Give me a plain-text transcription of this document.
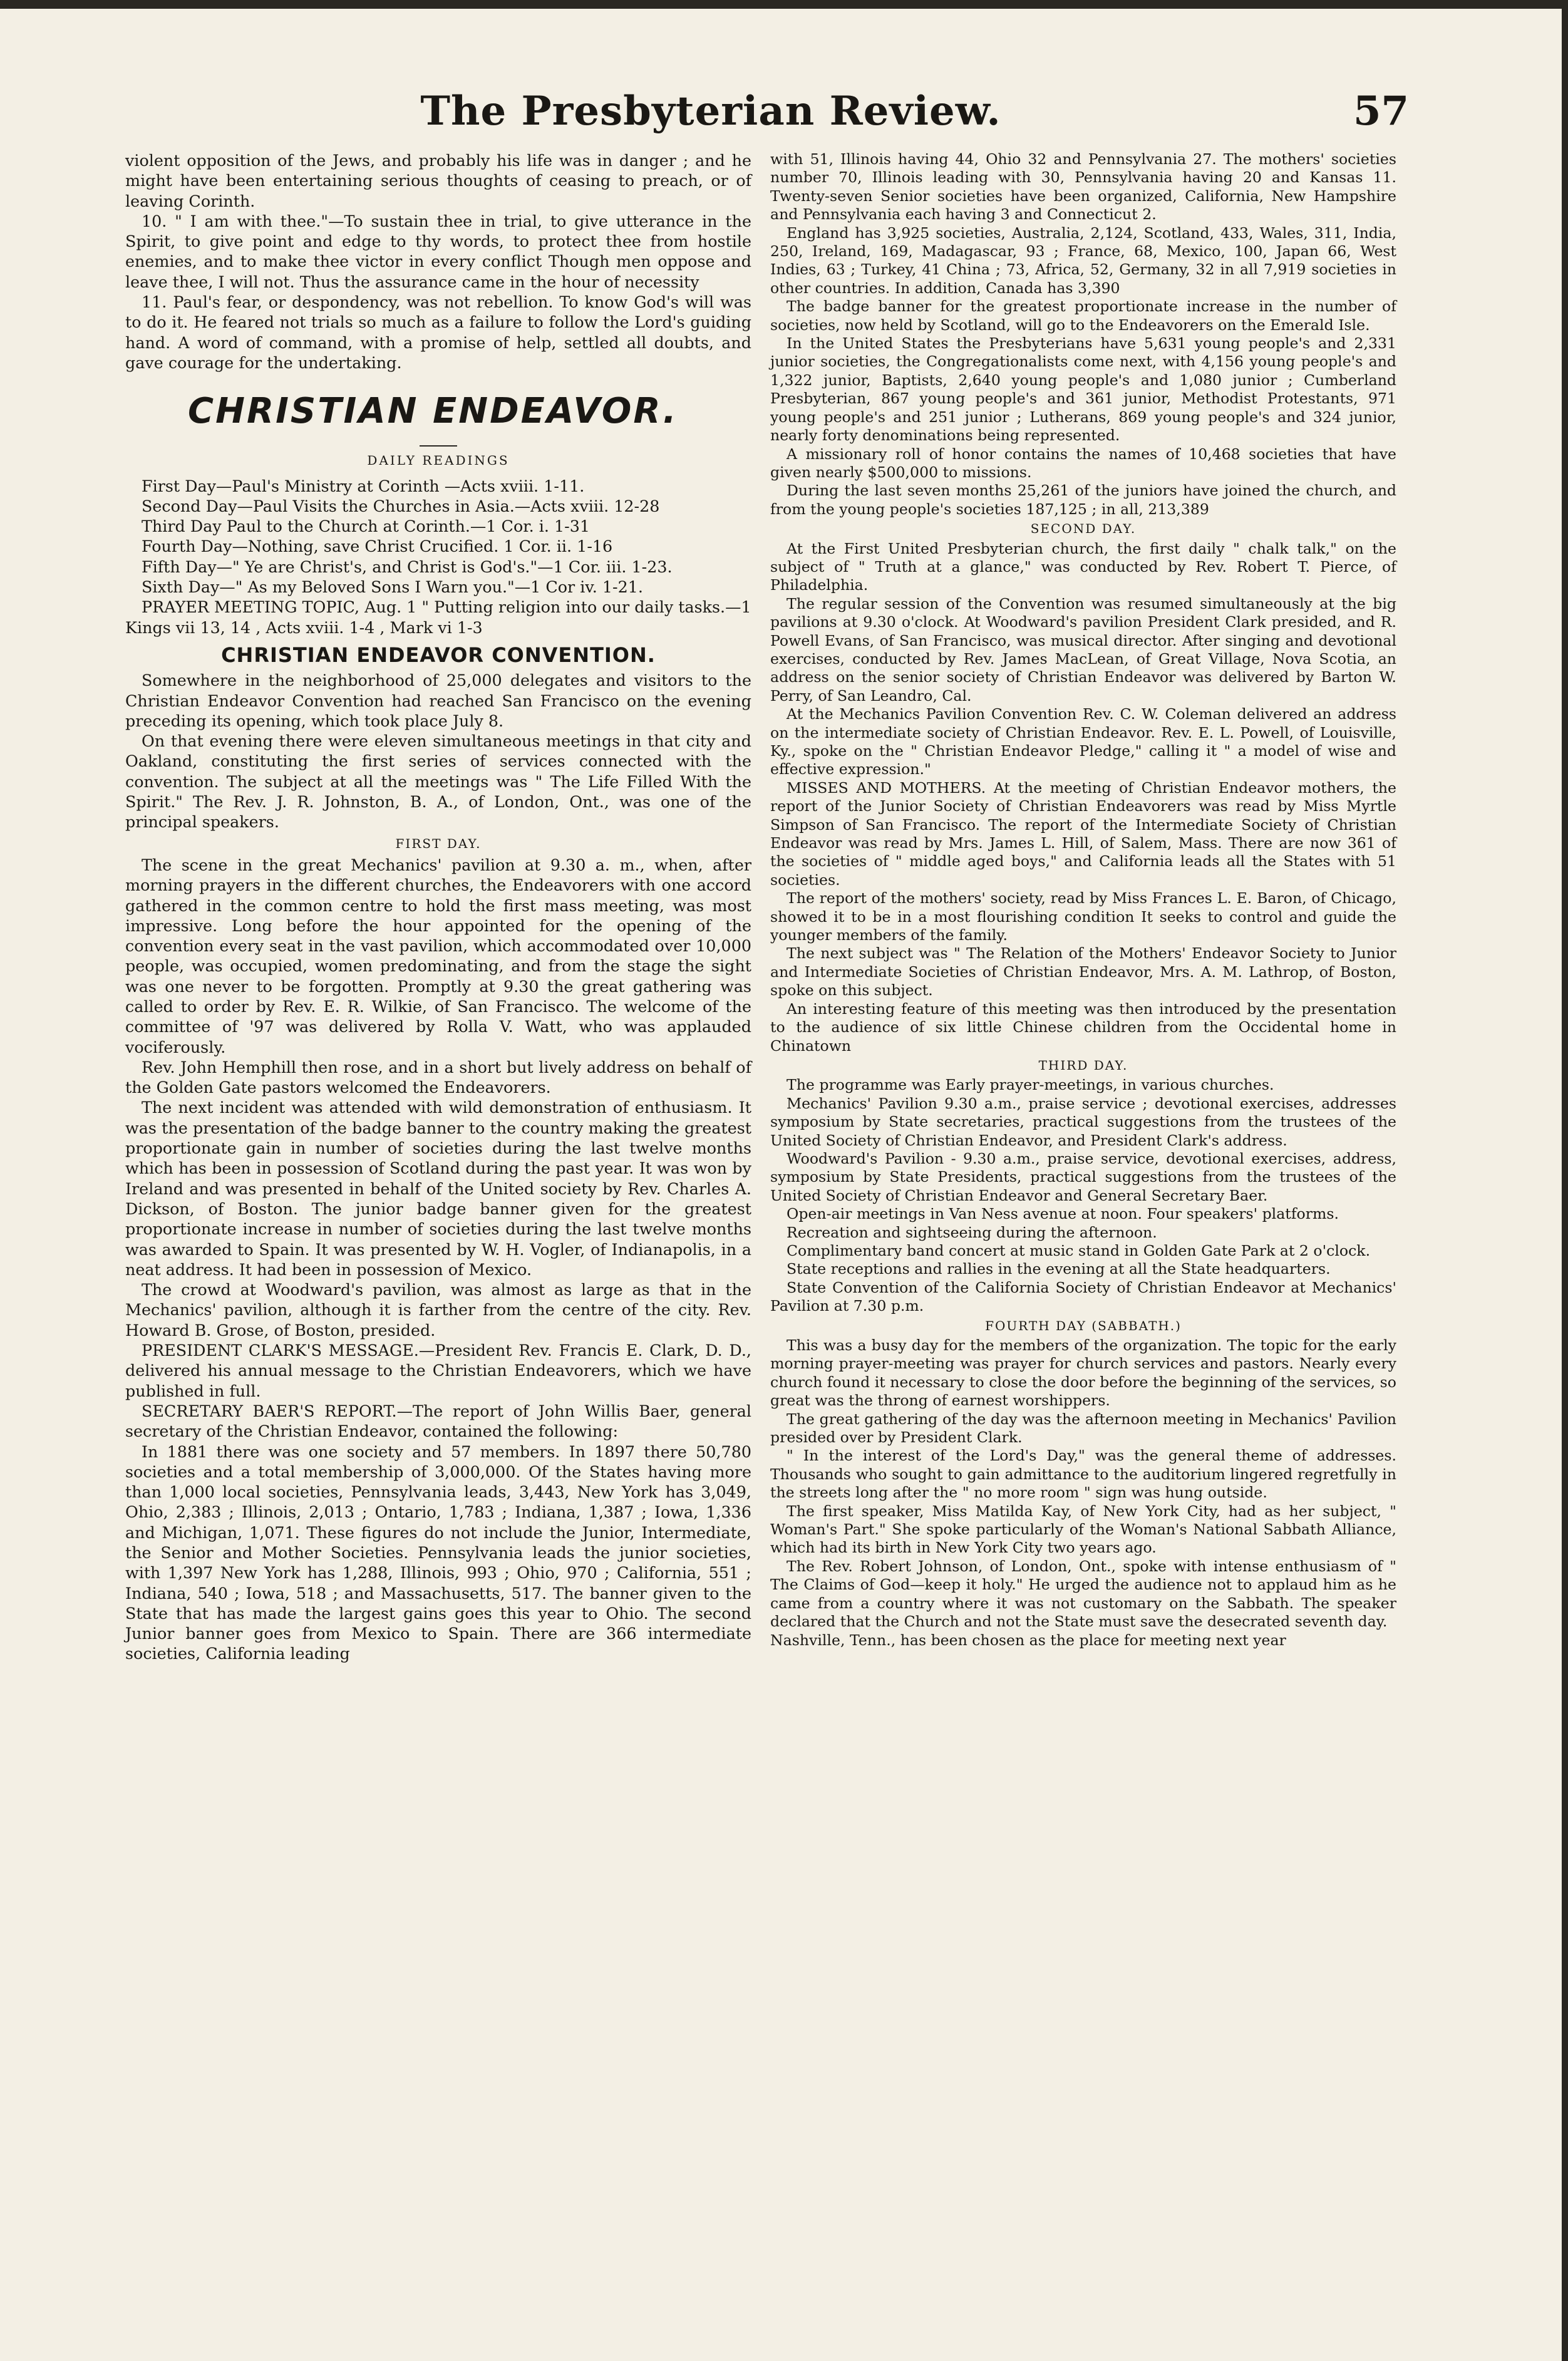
The Presbyterian Review.	57

violent opposition of the Jews, and probably his life was in danger ; and he might have been entertaining serious thoughts of ceasing to preach, or of leaving Corinth.

10. " I am with thee."—To sustain thee in trial, to give utterance in the Spirit, to give point and edge to thy words, to protect thee from hostile enemies, and to make thee victor in every conflict Though men oppose and leave thee, I will not. Thus the assurance came in the hour of necessity

11. Paul's fear, or despondency, was not rebellion. To know God's will was to do it. He feared not trials so much as a failure to follow the Lord's guiding hand. A word of command, with a promise of help, settled all doubts, and gave courage for the undertaking.

CHRISTIAN ENDEAVOR.
DAILY READINGS

First Day—Paul's Ministry at Corinth —Acts xviii. 1-11.

Second Day—Paul Visits the Churches in Asia.—Acts xviii. 12-28

Third Day Paul to the Church at Corinth.—1 Cor. i. 1-31

Fourth Day—Nothing, save Christ Crucified. 1 Cor. ii. 1-16

Fifth Day—" Ye are Christ's, and Christ is God's."—1 Cor. iii. 1-23.

Sixth Day—" As my Beloved Sons I Warn you."—1 Cor iv. 1-21.

PRAYER MEETING TOPIC, Aug. 1 " Putting religion into our daily tasks.—1 Kings vii 13, 14 , Acts xviii. 1-4 , Mark vi 1-3

CHRISTIAN ENDEAVOR CONVENTION.

Somewhere in the neighborhood of 25,000 delegates and visitors to the Christian Endeavor Convention had reached San Francisco on the evening preceding its opening, which took place July 8.

On that evening there were eleven simultaneous meetings in that city and Oakland, constituting the first series of services connected with the convention. The subject at all the meetings was " The Life Filled With the Spirit." The Rev. J. R. Johnston, B. A., of London, Ont., was one of the principal speakers.

FIRST DAY.

The scene in the great Mechanics' pavilion at 9.30 a. m., when, after morning prayers in the different churches, the Endeavorers with one accord gathered in the common centre to hold the first mass meeting, was most impressive. Long before the hour appointed for the opening of the convention every seat in the vast pavilion, which accommodated over 10,000 people, was occupied, women predominating, and from the stage the sight was one never to be forgotten. Promptly at 9.30 the great gathering was called to order by Rev. E. R. Wilkie, of San Francisco. The welcome of the committee of '97 was delivered by Rolla V. Watt, who was applauded vociferously.

Rev. John Hemphill then rose, and in a short but lively address on behalf of the Golden Gate pastors welcomed the Endeavorers.

The next incident was attended with wild demonstration of enthusiasm. It was the presentation of the badge banner to the country making the greatest proportionate gain in number of societies during the last twelve months which has been in possession of Scotland during the past year. It was won by Ireland and was presented in behalf of the United society by Rev. Charles A. Dickson, of Boston. The junior badge banner given for the greatest proportionate increase in number of societies during the last twelve months was awarded to Spain. It was presented by W. H. Vogler, of Indianapolis, in a neat address. It had been in possession of Mexico.

The crowd at Woodward's pavilion, was almost as large as that in the Mechanics' pavilion, although it is farther from the centre of the city. Rev. Howard B. Grose, of Boston, presided.

PRESIDENT CLARK'S MESSAGE.—President Rev. Francis E. Clark, D. D., delivered his annual message to the Christian Endeavorers, which we have published in full.

SECRETARY BAER'S REPORT.—The report of John Willis Baer, general secretary of the Christian Endeavor, contained the following:

In 1881 there was one society and 57 members. In 1897 there 50,780 societies and a total membership of 3,000,000. Of the States having more than 1,000 local societies, Pennsylvania leads, 3,443, New York has 3,049, Ohio, 2,383 ; Illinois, 2,013 ; Ontario, 1,783 ; Indiana, 1,387 ; Iowa, 1,336 and Michigan, 1,071. These figures do not include the Junior, Intermediate, the Senior and Mother Societies. Pennsylvania leads the junior societies, with 1,397 New York has 1,288, Illinois, 993 ; Ohio, 970 ; California, 551 ; Indiana, 540 ; Iowa, 518 ; and Massachusetts, 517. The banner given to the State that has made the largest gains goes this year to Ohio. The second Junior banner goes from Mexico to Spain. There are 366 intermediate societies, California leading

with 51, Illinois having 44, Ohio 32 and Pennsylvania 27. The mothers' societies number 70, Illinois leading with 30, Pennsylvania having 20 and Kansas 11. Twenty-seven Senior societies have been organized, California, New Hampshire and Pennsylvania each having 3 and Connecticut 2.

England has 3,925 societies, Australia, 2,124, Scotland, 433, Wales, 311, India, 250, Ireland, 169, Madagascar, 93 ; France, 68, Mexico, 100, Japan 66, West Indies, 63 ; Turkey, 41 China ; 73, Africa, 52, Germany, 32 in all 7,919 societies in other countries. In addition, Canada has 3,390

The badge banner for the greatest proportionate increase in the number of societies, now held by Scotland, will go to the Endeavorers on the Emerald Isle.

In the United States the Presbyterians have 5,631 young people's and 2,331 junior societies, the Congregationalists come next, with 4,156 young people's and 1,322 junior, Baptists, 2,640 young people's and 1,080 junior ; Cumberland Presbyterian, 867 young people's and 361 junior, Methodist Protestants, 971 young people's and 251 junior ; Lutherans, 869 young people's and 324 junior, nearly forty denominations being represented.

A missionary roll of honor contains the names of 10,468 societies that have given nearly $500,000 to missions.

During the last seven months 25,261 of the juniors have joined the church, and from the young people's societies 187,125 ; in all, 213,389

SECOND DAY.

At the First United Presbyterian church, the first daily " chalk talk," on the subject of " Truth at a glance," was conducted by Rev. Robert T. Pierce, of Philadelphia.

The regular session of the Convention was resumed simultaneously at the big pavilions at 9.30 o'clock. At Woodward's pavilion President Clark presided, and R. Powell Evans, of San Francisco, was musical director. After singing and devotional exercises, conducted by Rev. James MacLean, of Great Village, Nova Scotia, an address on the senior society of Christian Endeavor was delivered by Barton W. Perry, of San Leandro, Cal.

At the Mechanics Pavilion Convention Rev. C. W. Coleman delivered an address on the intermediate society of Christian Endeavor. Rev. E. L. Powell, of Louisville, Ky., spoke on the " Christian Endeavor Pledge," calling it " a model of wise and effective expression."

MISSES AND MOTHERS. At the meeting of Christian Endeavor mothers, the report of the Junior Society of Christian Endeavorers was read by Miss Myrtle Simpson of San Francisco. The report of the Intermediate Society of Christian Endeavor was read by Mrs. James L. Hill, of Salem, Mass. There are now 361 of the societies of " middle aged boys," and California leads all the States with 51 societies.

The report of the mothers' society, read by Miss Frances L. E. Baron, of Chicago, showed it to be in a most flourishing condition It seeks to control and guide the younger members of the family.

The next subject was " The Relation of the Mothers' Endeavor Society to Junior and Intermediate Societies of Christian Endeavor, Mrs. A. M. Lathrop, of Boston, spoke on this subject.

An interesting feature of this meeting was then introduced by the presentation to the audience of six little Chinese children from the Occidental home in Chinatown

THIRD DAY.

The programme was Early prayer-meetings, in various churches.

Mechanics' Pavilion 9.30 a.m., praise service ; devotional exercises, addresses symposium by State secretaries, practical suggestions from the trustees of the United Society of Christian Endeavor, and President Clark's address.

Woodward's Pavilion - 9.30 a.m., praise service, devotional exercises, address, symposium by State Presidents, practical suggestions from the trustees of the United Society of Christian Endeavor and General Secretary Baer.

Open-air meetings in Van Ness avenue at noon. Four speakers' platforms.

Recreation and sightseeing during the afternoon.

Complimentary band concert at music stand in Golden Gate Park at 2 o'clock.

State receptions and rallies in the evening at all the State headquarters.

State Convention of the California Society of Christian Endeavor at Mechanics' Pavilion at 7.30 p.m.

FOURTH DAY (SABBATH.)

This was a busy day for the members of the organization. The topic for the early morning prayer-meeting was prayer for church services and pastors. Nearly every church found it necessary to close the door before the beginning of the services, so great was the throng of earnest worshippers.

The great gathering of the day was the afternoon meeting in Mechanics' Pavilion presided over by President Clark.

" In the interest of the Lord's Day," was the general theme of addresses. Thousands who sought to gain admittance to the auditorium lingered regretfully in the streets long after the " no more room " sign was hung outside.

The first speaker, Miss Matilda Kay, of New York City, had as her subject, " Woman's Part." She spoke particularly of the Woman's National Sabbath Alliance, which had its birth in New York City two years ago.

The Rev. Robert Johnson, of London, Ont., spoke with intense enthusiasm of " The Claims of God—keep it holy." He urged the audience not to applaud him as he came from a country where it was not customary on the Sabbath. The speaker declared that the Church and not the State must save the desecrated seventh day.

Nashville, Tenn., has been chosen as the place for meeting next year
